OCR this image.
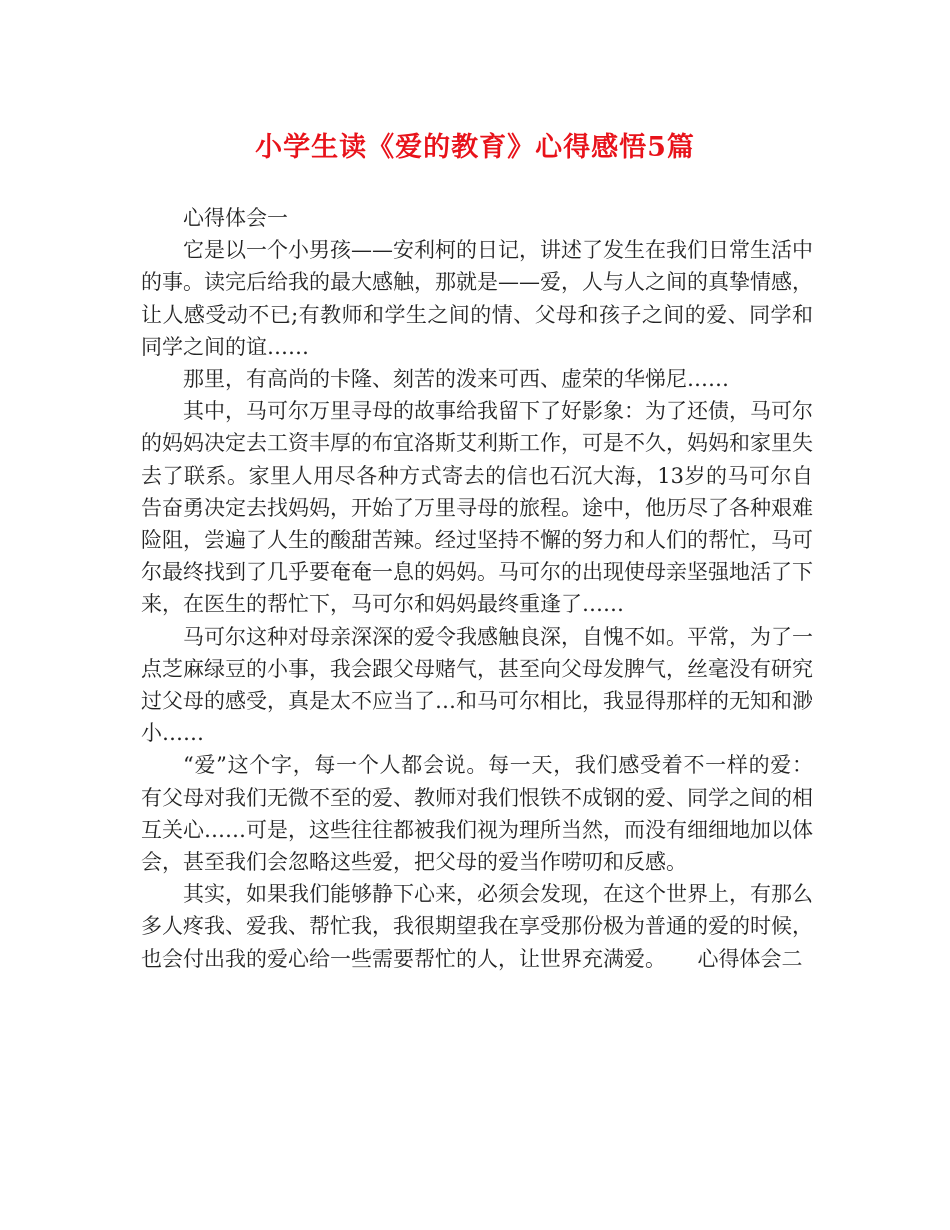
小学生读《爱的教育》心得感悟5篇

心得体会一

它是以一个小男孩——安利柯的日记，讲述了发生在我们日常生活中的事。读完后给我的最大感触，那就是——爱，人与人之间的真挚情感，让人感受动不已;有教师和学生之间的情、父母和孩子之间的爱、同学和同学之间的谊……

那里，有高尚的卡隆、刻苦的泼来可西、虚荣的华悌尼……

其中，马可尔万里寻母的故事给我留下了好影象：为了还债，马可尔的妈妈决定去工资丰厚的布宜洛斯艾利斯工作，可是不久，妈妈和家里失去了联系。家里人用尽各种方式寄去的信也石沉大海，13岁的马可尔自告奋勇决定去找妈妈，开始了万里寻母的旅程。途中，他历尽了各种艰难险阻，尝遍了人生的酸甜苦辣。经过坚持不懈的努力和人们的帮忙，马可尔最终找到了几乎要奄奄一息的妈妈。马可尔的出现使母亲坚强地活了下来，在医生的帮忙下，马可尔和妈妈最终重逢了……

马可尔这种对母亲深深的爱令我感触良深，自愧不如。平常，为了一点芝麻绿豆的小事，我会跟父母赌气，甚至向父母发脾气，丝毫没有研究过父母的感受，真是太不应当了…和马可尔相比，我显得那样的无知和渺小……

“爱”这个字，每一个人都会说。每一天，我们感受着不一样的爱：有父母对我们无微不至的爱、教师对我们恨铁不成钢的爱、同学之间的相互关心……可是，这些往往都被我们视为理所当然，而没有细细地加以体会，甚至我们会忽略这些爱，把父母的爱当作唠叨和反感。

其实，如果我们能够静下心来，必须会发现，在这个世界上，有那么多人疼我、爱我、帮忙我，我很期望我在享受那份极为普通的爱的时候，也会付出我的爱心给一些需要帮忙的人，让世界充满爱。　　心得体会二
